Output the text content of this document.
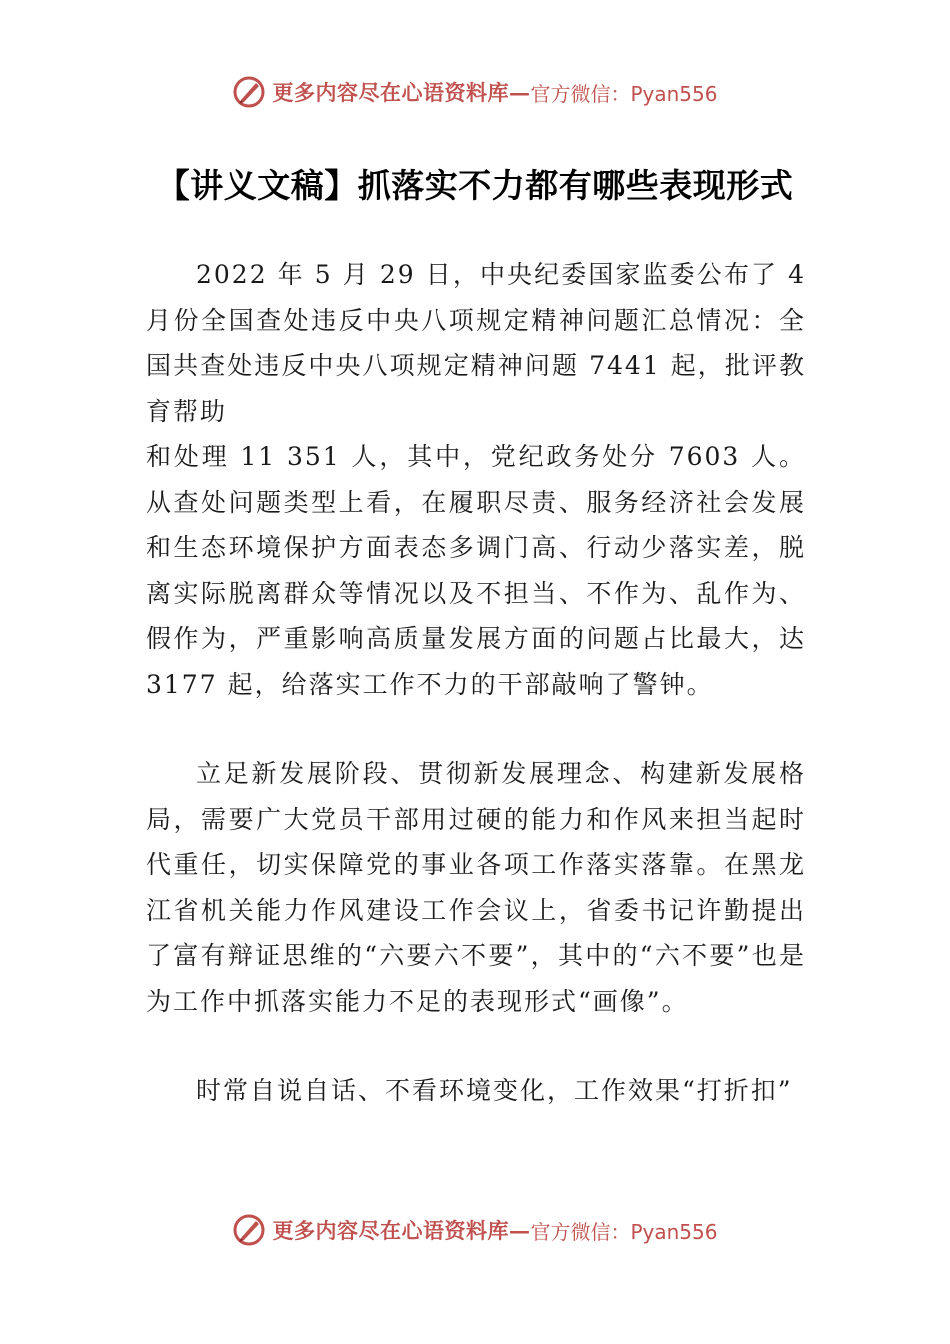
更多内容尽在心语资料库— 官方微信：Pyan556
【讲义文稿】抓落实不力都有哪些表现形式

2022 年 5 月 29 日，中央纪委国家监委公布了 4 月份全国查处违反中央八项规定精神问题汇总情况：全国共查处违反中央八项规定精神问题 7441 起，批评教育帮助

和处理 11 351 人，其中，党纪政务处分 7603 人。从查处问题类型上看，在履职尽责、服务经济社会发展和生态环境保护方面表态多调门高、行动少落实差，脱离实际脱离群众等情况以及不担当、不作为、乱作为、假作为，严重影响高质量发展方面的问题占比最大，达 3177 起，给落实工作不力的干部敲响了警钟。

立足新发展阶段、贯彻新发展理念、构建新发展格局，需要广大党员干部用过硬的能力和作风来担当起时代重任，切实保障党的事业各项工作落实落靠。在黑龙江省机关能力作风建设工作会议上，省委书记许勤提出了富有辩证思维的“六要六不要”，其中的“六不要”也是为工作中抓落实能力不足的表现形式“画像”。

时常自说自话、不看环境变化，工作效果“打折扣”

更多内容尽在心语资料库— 官方微信：Pyan556
